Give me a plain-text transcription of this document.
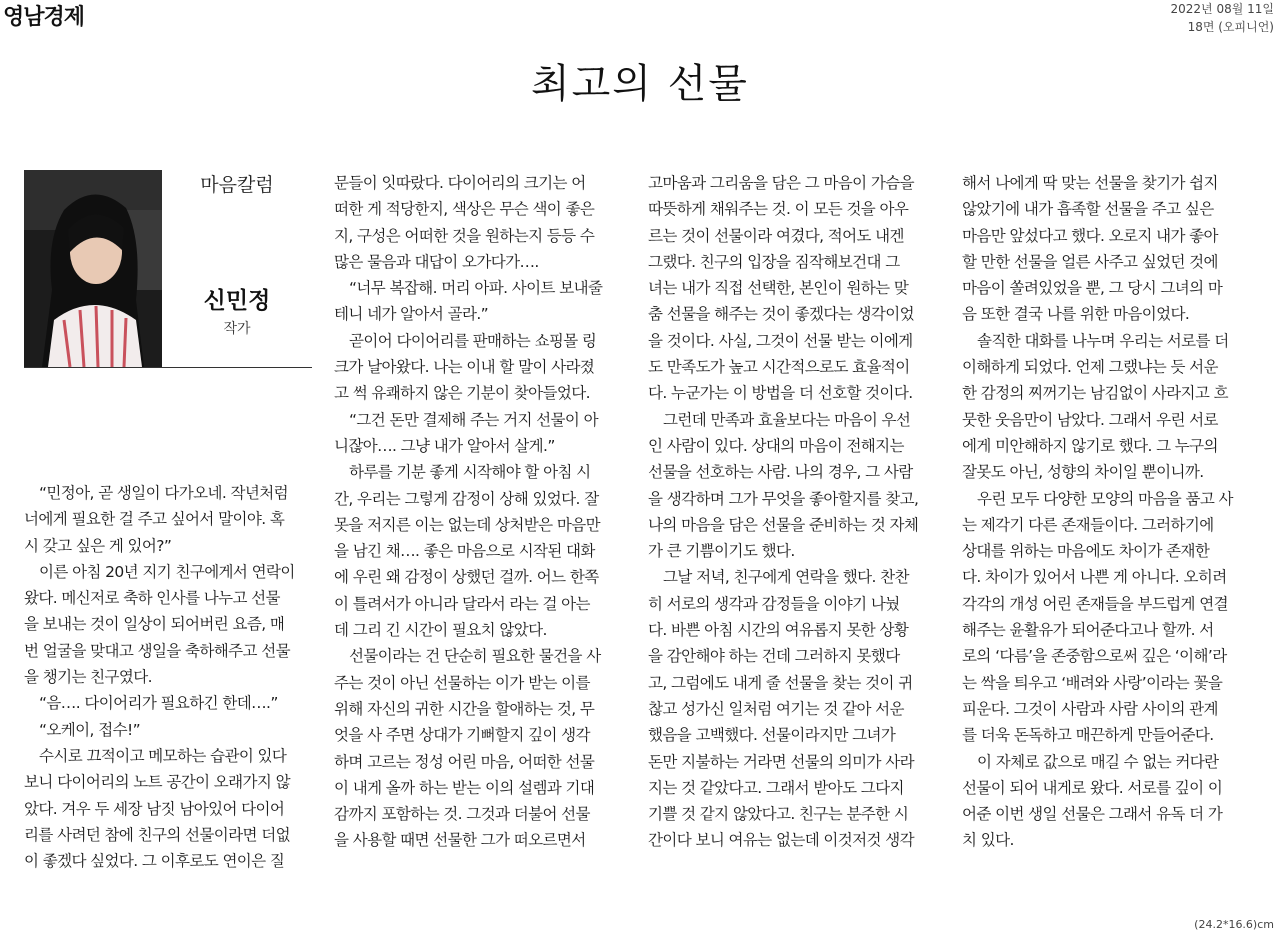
영남경제	2022년 08월 11일
18면 (오피니언)
최고의 선물
마음칼럼
신민정
작가
“민정아, 곧 생일이 다가오네. 작년처럼
너에게 필요한 걸 주고 싶어서 말이야. 혹
시 갖고 싶은 게 있어?”
이른 아침 20년 지기 친구에게서 연락이
왔다. 메신저로 축하 인사를 나누고 선물
을 보내는 것이 일상이 되어버린 요즘, 매
번 얼굴을 맞대고 생일을 축하해주고 선물
을 챙기는 친구였다.
“음…. 다이어리가 필요하긴 한데….”
“오케이, 접수!”
수시로 끄적이고 메모하는 습관이 있다
보니 다이어리의 노트 공간이 오래가지 않
았다. 겨우 두 세장 남짓 남아있어 다이어
리를 사려던 참에 친구의 선물이라면 더없
이 좋겠다 싶었다. 그 이후로도 연이은 질
문들이 잇따랐다. 다이어리의 크기는 어
떠한 게 적당한지, 색상은 무슨 색이 좋은
지, 구성은 어떠한 것을 원하는지 등등 수
많은 물음과 대답이 오가다가….
“너무 복잡해. 머리 아파. 사이트 보내줄
테니 네가 알아서 골라.”
곧이어 다이어리를 판매하는 쇼핑몰 링
크가 날아왔다. 나는 이내 할 말이 사라졌
고 썩 유쾌하지 않은 기분이 찾아들었다.
“그건 돈만 결제해 주는 거지 선물이 아
니잖아…. 그냥 내가 알아서 살게.”
하루를 기분 좋게 시작해야 할 아침 시
간, 우리는 그렇게 감정이 상해 있었다. 잘
못을 저지른 이는 없는데 상처받은 마음만
을 남긴 채…. 좋은 마음으로 시작된 대화
에 우린 왜 감정이 상했던 걸까. 어느 한쪽
이 틀려서가 아니라 달라서 라는 걸 아는
데 그리 긴 시간이 필요치 않았다.
선물이라는 건 단순히 필요한 물건을 사
주는 것이 아닌 선물하는 이가 받는 이를
위해 자신의 귀한 시간을 할애하는 것, 무
엇을 사 주면 상대가 기뻐할지 깊이 생각
하며 고르는 정성 어린 마음, 어떠한 선물
이 내게 올까 하는 받는 이의 설렘과 기대
감까지 포함하는 것. 그것과 더불어 선물
을 사용할 때면 선물한 그가 떠오르면서
고마움과 그리움을 담은 그 마음이 가슴을
따뜻하게 채워주는 것. 이 모든 것을 아우
르는 것이 선물이라 여겼다, 적어도 내겐
그랬다. 친구의 입장을 짐작해보건대 그
녀는 내가 직접 선택한, 본인이 원하는 맞
춤 선물을 해주는 것이 좋겠다는 생각이었
을 것이다. 사실, 그것이 선물 받는 이에게
도 만족도가 높고 시간적으로도 효율적이
다. 누군가는 이 방법을 더 선호할 것이다.
그런데 만족과 효율보다는 마음이 우선
인 사람이 있다. 상대의 마음이 전해지는
선물을 선호하는 사람. 나의 경우, 그 사람
을 생각하며 그가 무엇을 좋아할지를 찾고,
나의 마음을 담은 선물을 준비하는 것 자체
가 큰 기쁨이기도 했다.
그날 저녁, 친구에게 연락을 했다. 찬찬
히 서로의 생각과 감정들을 이야기 나눴
다. 바쁜 아침 시간의 여유롭지 못한 상황
을 감안해야 하는 건데 그러하지 못했다
고, 그럼에도 내게 줄 선물을 찾는 것이 귀
찮고 성가신 일처럼 여기는 것 같아 서운
했음을 고백했다. 선물이라지만 그녀가
돈만 지불하는 거라면 선물의 의미가 사라
지는 것 같았다고. 그래서 받아도 그다지
기쁠 것 같지 않았다고. 친구는 분주한 시
간이다 보니 여유는 없는데 이것저것 생각
해서 나에게 딱 맞는 선물을 찾기가 쉽지
않았기에 내가 흡족할 선물을 주고 싶은
마음만 앞섰다고 했다. 오로지 내가 좋아
할 만한 선물을 얼른 사주고 싶었던 것에
마음이 쏠려있었을 뿐, 그 당시 그녀의 마
음 또한 결국 나를 위한 마음이었다.
솔직한 대화를 나누며 우리는 서로를 더
이해하게 되었다. 언제 그랬냐는 듯 서운
한 감정의 찌꺼기는 남김없이 사라지고 흐
뭇한 웃음만이 남았다. 그래서 우린 서로
에게 미안해하지 않기로 했다. 그 누구의
잘못도 아닌, 성향의 차이일 뿐이니까.
우린 모두 다양한 모양의 마음을 품고 사
는 제각기 다른 존재들이다. 그러하기에
상대를 위하는 마음에도 차이가 존재한
다. 차이가 있어서 나쁜 게 아니다. 오히려
각각의 개성 어린 존재들을 부드럽게 연결
해주는 윤활유가 되어준다고나 할까. 서
로의 ‘다름’을 존중함으로써 깊은 ‘이해’라
는 싹을 틔우고 ‘배려와 사랑’이라는 꽃을
피운다. 그것이 사람과 사람 사이의 관계
를 더욱 돈독하고 매끈하게 만들어준다.
이 자체로 값으로 매길 수 없는 커다란
선물이 되어 내게로 왔다. 서로를 깊이 이
어준 이번 생일 선물은 그래서 유독 더 가
치 있다.
(24.2*16.6)cm
